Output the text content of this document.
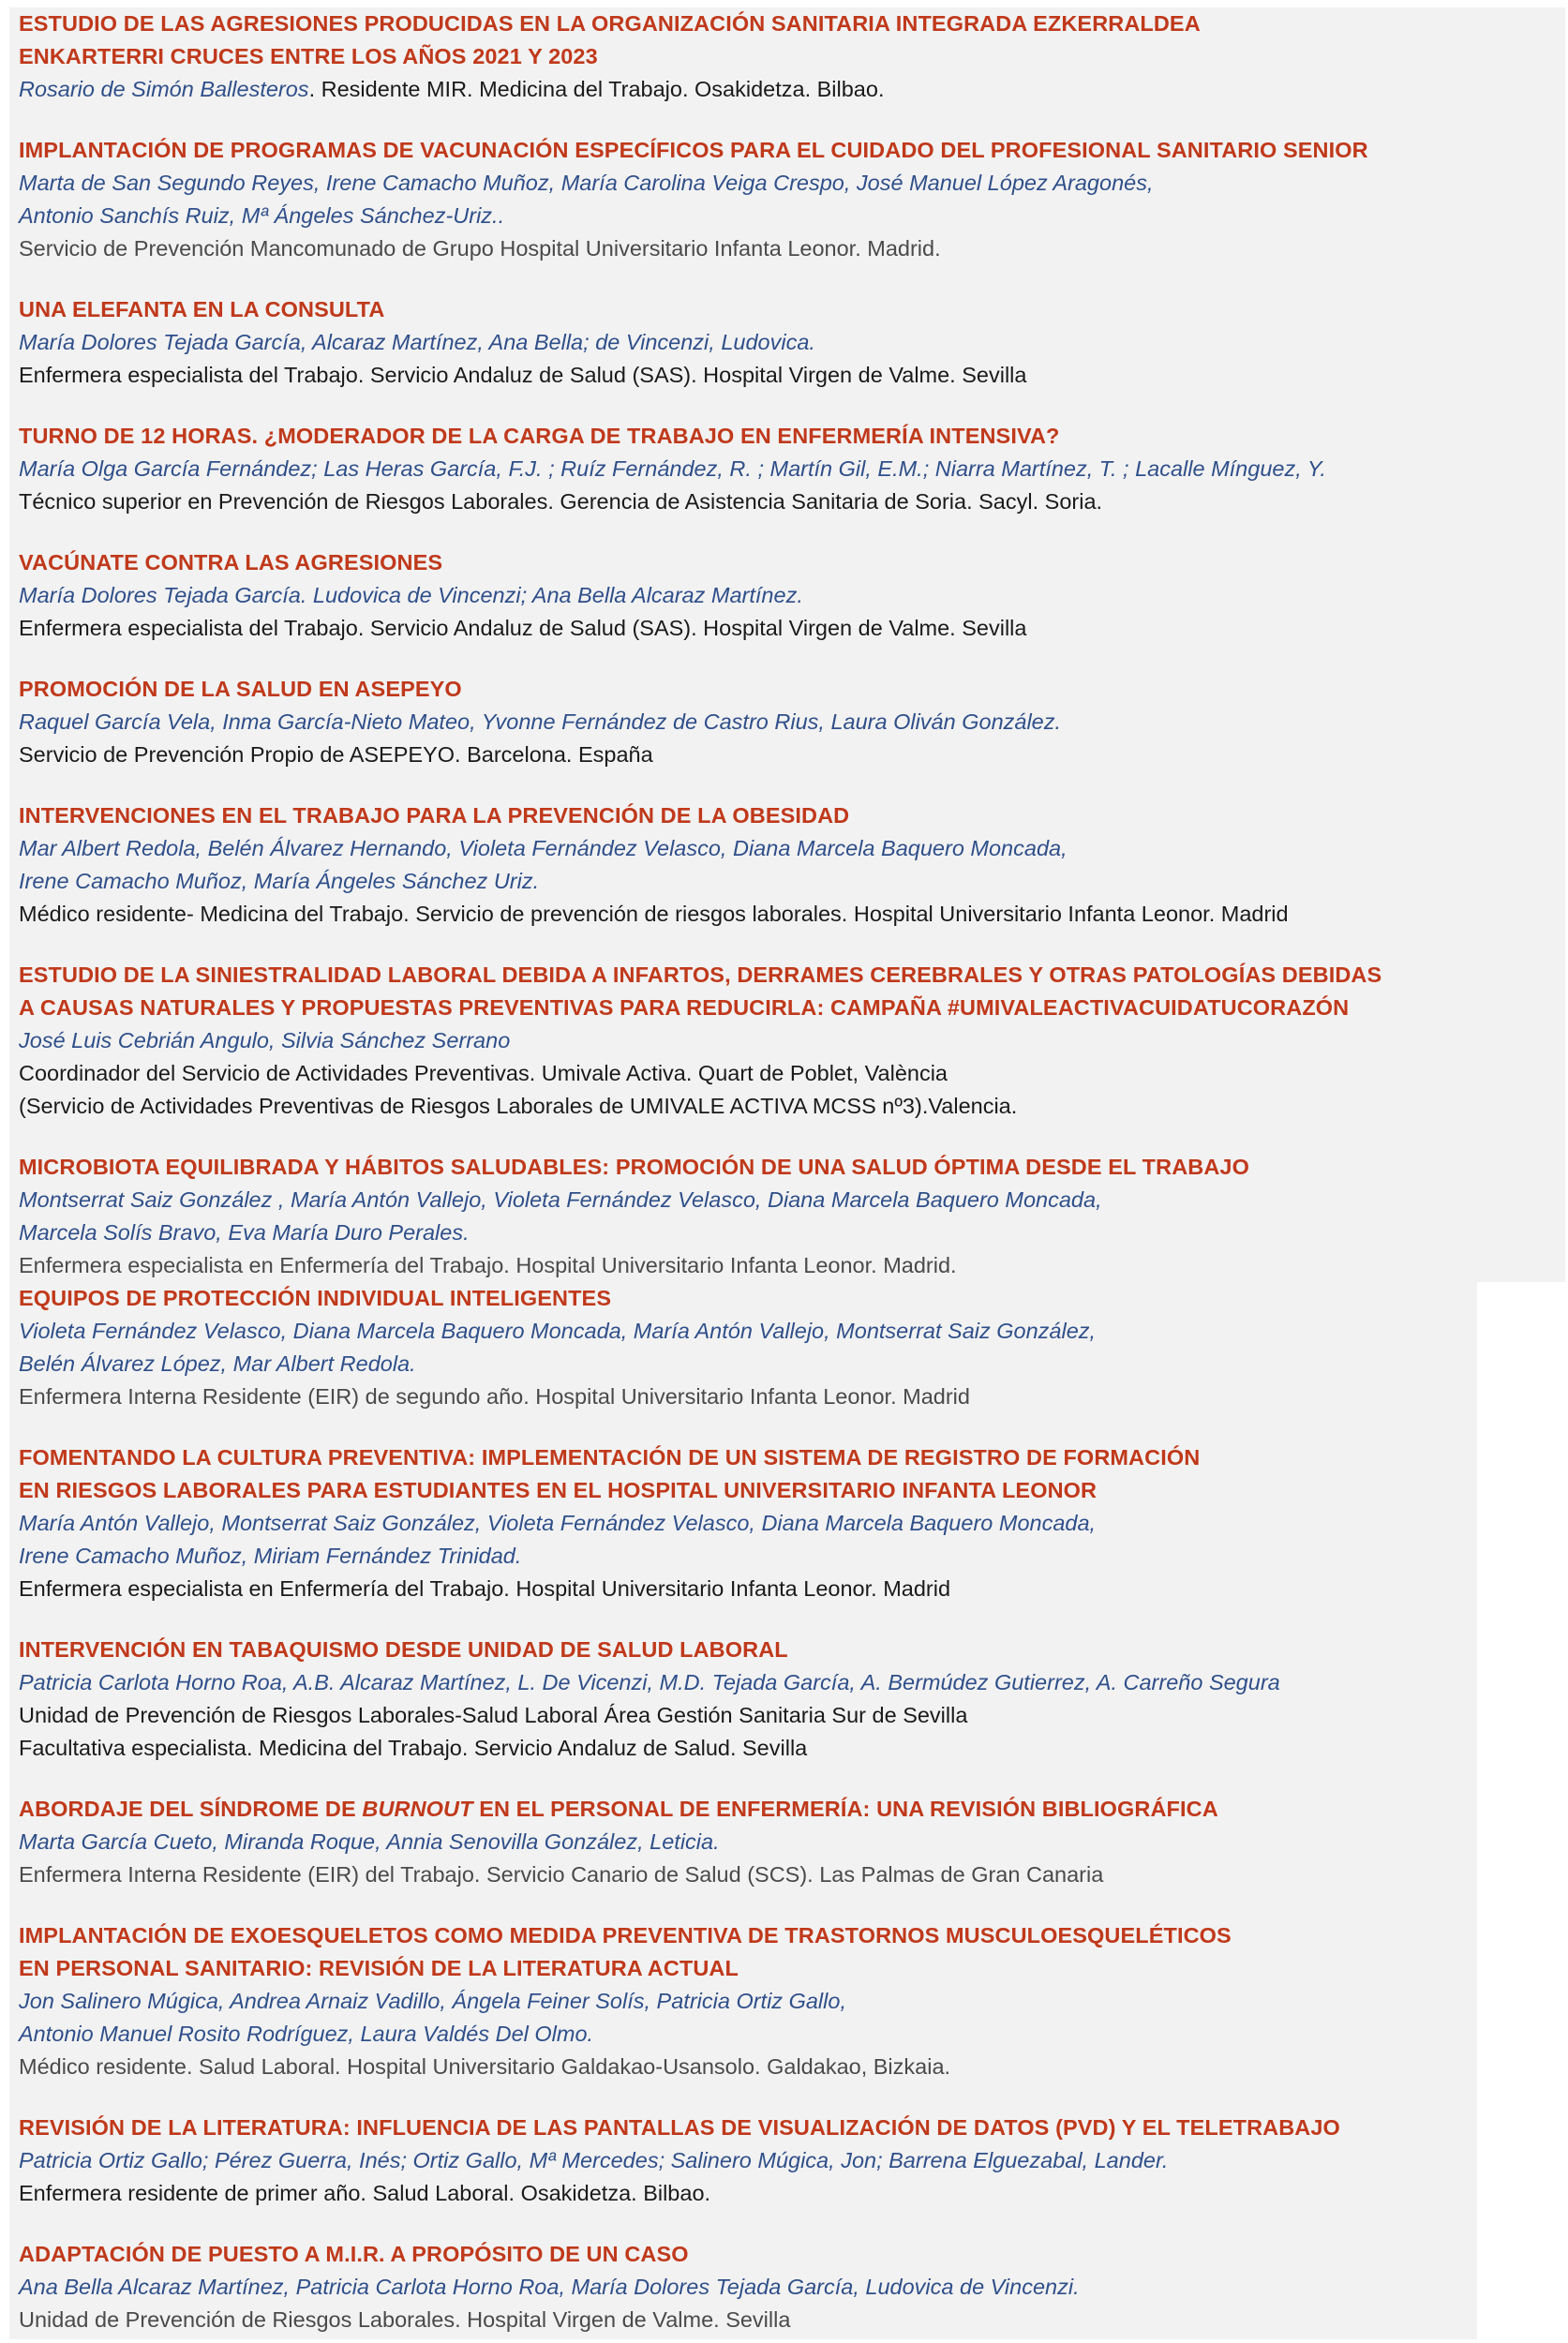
ESTUDIO DE LAS AGRESIONES PRODUCIDAS EN LA ORGANIZACIÓN SANITARIA INTEGRADA EZKERRALDEA
ENKARTERRI CRUCES ENTRE LOS AÑOS 2021 Y 2023
Rosario de Simón Ballesteros. Residente MIR. Medicina del Trabajo. Osakidetza. Bilbao.
IMPLANTACIÓN DE PROGRAMAS DE VACUNACIÓN ESPECÍFICOS PARA EL CUIDADO DEL PROFESIONAL SANITARIO SENIOR
Marta de San Segundo Reyes, Irene Camacho Muñoz, María Carolina Veiga Crespo, José Manuel López Aragonés,
Antonio Sanchís Ruiz, Mª Ángeles Sánchez-Uriz..
Servicio de Prevención Mancomunado de Grupo Hospital Universitario Infanta Leonor. Madrid.
UNA ELEFANTA EN LA CONSULTA
María Dolores Tejada García, Alcaraz Martínez, Ana Bella; de Vincenzi, Ludovica.
Enfermera especialista del Trabajo. Servicio Andaluz de Salud (SAS). Hospital Virgen de Valme. Sevilla
TURNO DE 12 HORAS. ¿MODERADOR DE LA CARGA DE TRABAJO EN ENFERMERÍA INTENSIVA?
María Olga García Fernández; Las Heras García, F.J. ; Ruíz Fernández, R. ; Martín Gil, E.M.; Niarra Martínez, T. ; Lacalle Mínguez, Y.
Técnico superior en Prevención de Riesgos Laborales. Gerencia de Asistencia Sanitaria de Soria. Sacyl. Soria.
VACÚNATE CONTRA LAS AGRESIONES
María Dolores Tejada García. Ludovica de Vincenzi; Ana Bella Alcaraz Martínez.
Enfermera especialista del Trabajo. Servicio Andaluz de Salud (SAS). Hospital Virgen de Valme. Sevilla
PROMOCIÓN DE LA SALUD EN ASEPEYO
Raquel García Vela, Inma García-Nieto Mateo, Yvonne Fernández de Castro Rius, Laura Oliván González.
Servicio de Prevención Propio de ASEPEYO. Barcelona. España
INTERVENCIONES EN EL TRABAJO PARA LA PREVENCIÓN DE LA OBESIDAD
Mar Albert Redola, Belén Álvarez Hernando, Violeta Fernández Velasco, Diana Marcela Baquero Moncada,
Irene Camacho Muñoz, María Ángeles Sánchez Uriz.
Médico residente- Medicina del Trabajo. Servicio de prevención de riesgos laborales. Hospital Universitario Infanta Leonor. Madrid
ESTUDIO DE LA SINIESTRALIDAD LABORAL DEBIDA A INFARTOS, DERRAMES CEREBRALES Y OTRAS PATOLOGÍAS DEBIDAS
A CAUSAS NATURALES Y PROPUESTAS PREVENTIVAS PARA REDUCIRLA: CAMPAÑA #UMIVALEACTIVACUIDATUCORAZÓN
José Luis Cebrián Angulo, Silvia Sánchez Serrano
Coordinador del Servicio de Actividades Preventivas. Umivale Activa. Quart de Poblet, València
(Servicio de Actividades Preventivas de Riesgos Laborales de UMIVALE ACTIVA MCSS nº3).Valencia.
MICROBIOTA EQUILIBRADA Y HÁBITOS SALUDABLES: PROMOCIÓN DE UNA SALUD ÓPTIMA DESDE EL TRABAJO
Montserrat Saiz González , María Antón Vallejo, Violeta Fernández Velasco, Diana Marcela Baquero Moncada,
Marcela Solís Bravo, Eva María Duro Perales.
Enfermera especialista en Enfermería del Trabajo. Hospital Universitario Infanta Leonor. Madrid.
EQUIPOS DE PROTECCIÓN INDIVIDUAL INTELIGENTES
Violeta Fernández Velasco, Diana Marcela Baquero Moncada, María Antón Vallejo, Montserrat Saiz González,
Belén Álvarez López, Mar Albert Redola.
Enfermera Interna Residente (EIR) de segundo año. Hospital Universitario Infanta Leonor. Madrid
FOMENTANDO LA CULTURA PREVENTIVA: IMPLEMENTACIÓN DE UN SISTEMA DE REGISTRO DE FORMACIÓN
EN RIESGOS LABORALES PARA ESTUDIANTES EN EL HOSPITAL UNIVERSITARIO INFANTA LEONOR
María Antón Vallejo, Montserrat Saiz González, Violeta Fernández Velasco, Diana Marcela Baquero Moncada,
Irene Camacho Muñoz, Miriam Fernández Trinidad.
Enfermera especialista en Enfermería del Trabajo. Hospital Universitario Infanta Leonor. Madrid
INTERVENCIÓN EN TABAQUISMO DESDE UNIDAD DE SALUD LABORAL
Patricia Carlota Horno Roa, A.B. Alcaraz Martínez, L. De Vicenzi, M.D. Tejada García, A. Bermúdez Gutierrez, A. Carreño Segura
Unidad de Prevención de Riesgos Laborales-Salud Laboral Área Gestión Sanitaria Sur de Sevilla
Facultativa especialista. Medicina del Trabajo. Servicio Andaluz de Salud. Sevilla
ABORDAJE DEL SÍNDROME DE BURNOUT EN EL PERSONAL DE ENFERMERÍA: UNA REVISIÓN BIBLIOGRÁFICA
Marta García Cueto, Miranda Roque, Annia Senovilla González, Leticia.
Enfermera Interna Residente (EIR) del Trabajo. Servicio Canario de Salud (SCS). Las Palmas de Gran Canaria
IMPLANTACIÓN DE EXOESQUELETOS COMO MEDIDA PREVENTIVA DE TRASTORNOS MUSCULOESQUELÉTICOS
EN PERSONAL SANITARIO: REVISIÓN DE LA LITERATURA ACTUAL
Jon Salinero Múgica, Andrea Arnaiz Vadillo, Ángela Feiner Solís, Patricia Ortiz Gallo,
Antonio Manuel Rosito Rodríguez, Laura Valdés Del Olmo.
Médico residente. Salud Laboral. Hospital Universitario Galdakao-Usansolo. Galdakao, Bizkaia.
REVISIÓN DE LA LITERATURA: INFLUENCIA DE LAS PANTALLAS DE VISUALIZACIÓN DE DATOS (PVD) Y EL TELETRABAJO
Patricia Ortiz Gallo; Pérez Guerra, Inés; Ortiz Gallo, Mª Mercedes; Salinero Múgica, Jon; Barrena Elguezabal, Lander.
Enfermera residente de primer año. Salud Laboral. Osakidetza. Bilbao.
ADAPTACIÓN DE PUESTO A M.I.R. A PROPÓSITO DE UN CASO
Ana Bella Alcaraz Martínez, Patricia Carlota Horno Roa, María Dolores Tejada García, Ludovica de Vincenzi.
Unidad de Prevención de Riesgos Laborales. Hospital Virgen de Valme. Sevilla
